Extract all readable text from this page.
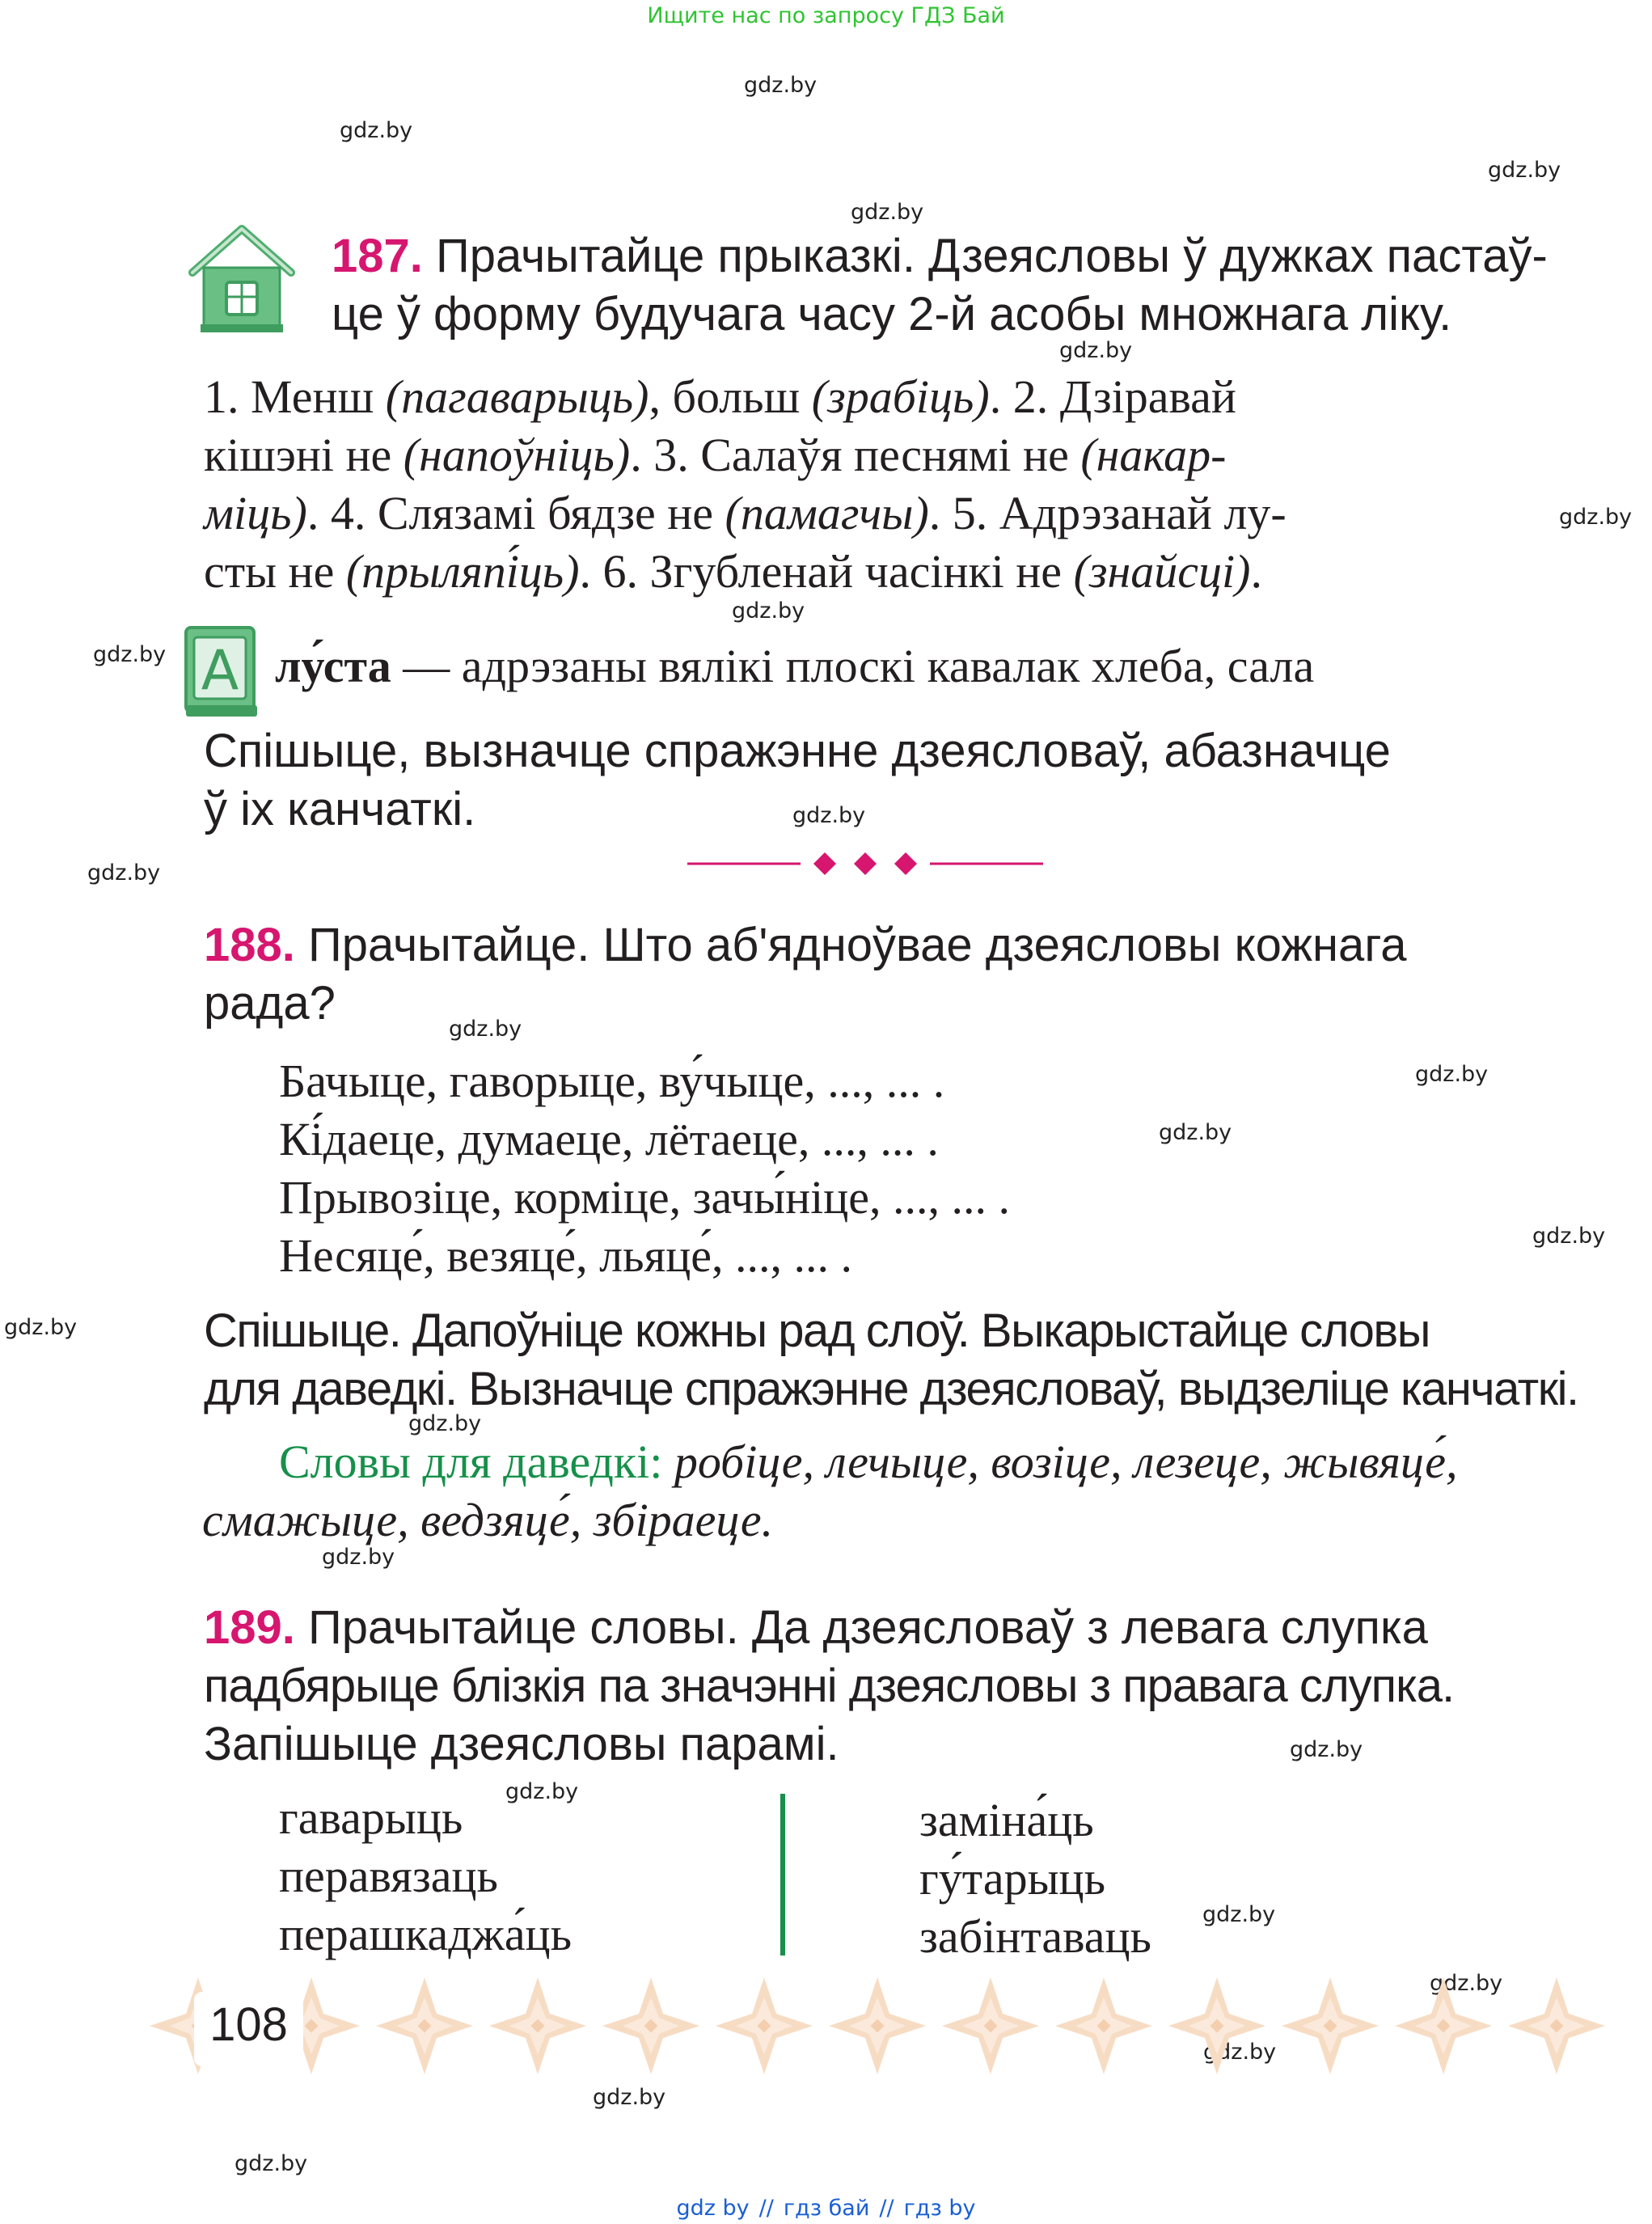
Ищите нас по запросу ГДЗ Бай
gdz.by
gdz.by
gdz.by
gdz.by
gdz.by
gdz.by
gdz.by
gdz.by
gdz.by
gdz.by
gdz.by
gdz.by
gdz.by
gdz.by
gdz.by
gdz.by
gdz.by
gdz.by
gdz.by
gdz.by
gdz.by
gdz.by
gdz.by
gdz.by
187. Прачытайце прыказкі. Дзеясловы ў дужках пастаў-
це ў форму будучага часу 2-й асобы множнага ліку.
1. Менш (пагаварыць), больш (зрабіць). 2. Дзіравай
кішэні не (напоўніць). 3. Салаўя песнямі не (накар-
міць). 4. Слязамі бядзе не (памагчы). 5. Адрэзанай лу-
сты не (прыляпі́ць). 6. Згубленай часінкі не (знайсці).
A лу́ста — адрэзаны вялікі плоскі кавалак хлеба, сала
Спішыце, вызначце спражэнне дзеясловаў, абазначце
ў іх канчаткі.
188. Прачытайце. Што аб'ядноўвае дзеясловы кожнага
рада?
Бачыце, гаворыце, ву́чыце, ..., ... .
Кі́даеце, думаеце, лётаеце, ..., ... .
Прывозіце, корміце, зачы́ніце, ..., ... .
Несяце́, везяце́, льяце́, ..., ... .
Спішыце. Дапоўніце кожны рад слоў. Выкарыстайце словы
для даведкі. Вызначце спражэнне дзеясловаў, выдзеліце канчаткі.
Словы для даведкі: робіце, лечыце, возіце, лезеце, жывяце́,
смажыце, ведзяце́, збіраеце.
189. Прачытайце словы. Да дзеясловаў з левага слупка
падбярыце блізкія па значэнні дзеясловы з правага слупка.
Запішыце дзеясловы парамі.
гаварыць
перавязаць
перашкаджа́ць
заміна́ць
гу́тарыць
забінтаваць
108
gdz by // гдз бай // гдз by
